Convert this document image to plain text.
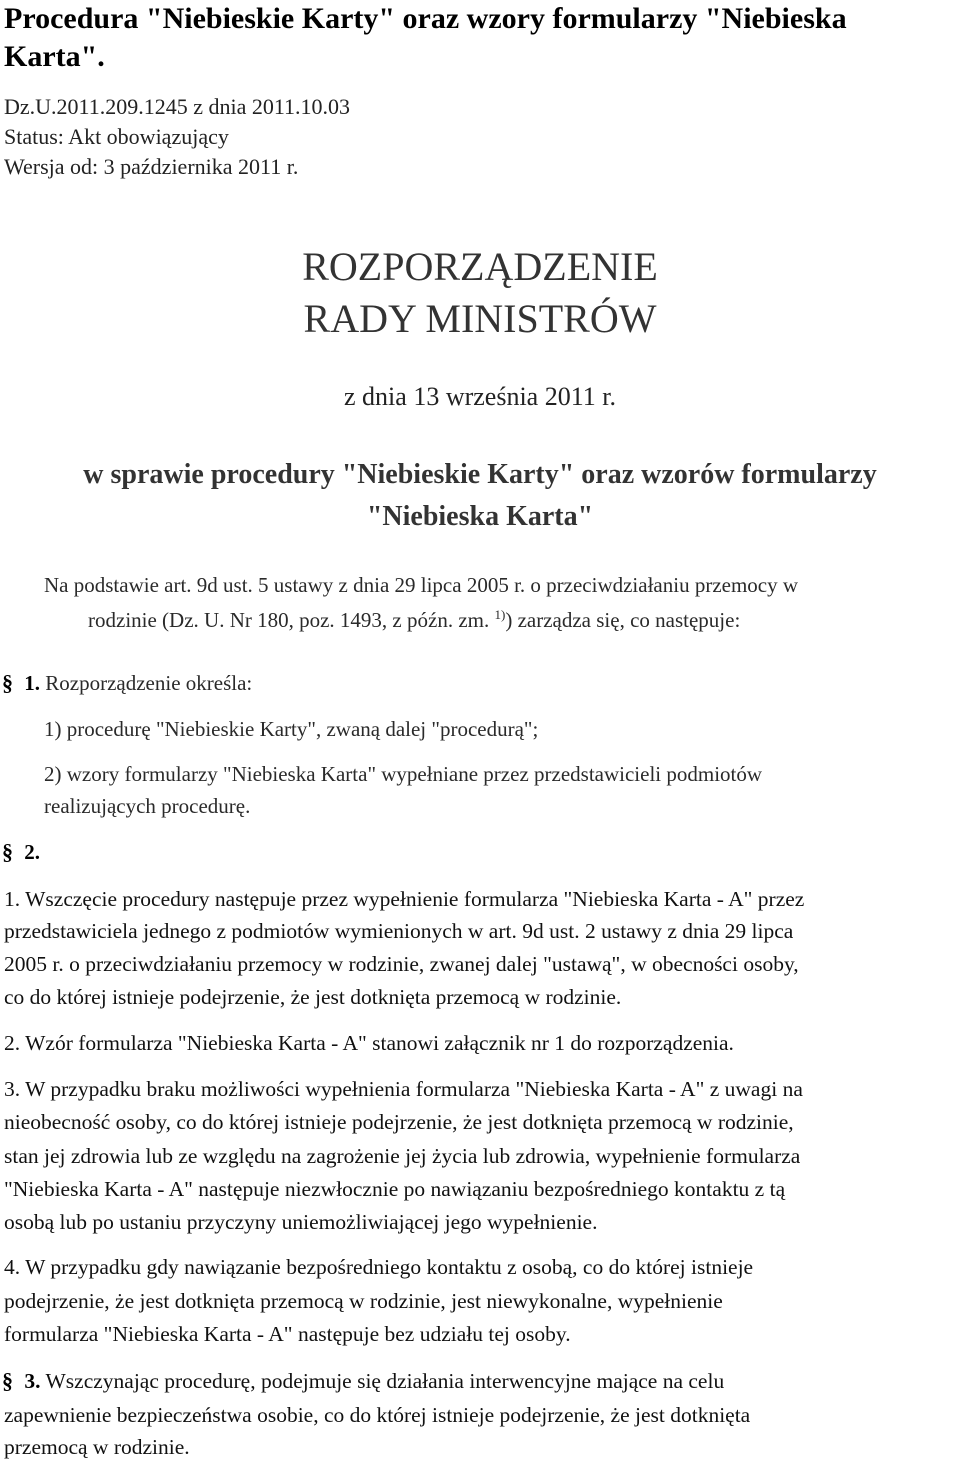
Procedura "Niebieskie Karty" oraz wzory formularzy "Niebieska Karta".
Dz.U.2011.209.1245 z dnia 2011.10.03
Status: Akt obowiązujący
Wersja od: 3 października 2011 r.
ROZPORZĄDZENIE
RADY MINISTRÓW
z dnia 13 września 2011 r.
w sprawie procedury "Niebieskie Karty" oraz wzorów formularzy
"Niebieska Karta"
Na podstawie art. 9d ust. 5 ustawy z dnia 29 lipca 2005 r. o przeciwdziałaniu przemocy w
rodzinie (Dz. U. Nr 180, poz. 1493, z późn. zm. $^{1)}$) zarządza się, co następuje:
§ 1. Rozporządzenie określa:
1) procedurę "Niebieskie Karty", zwaną dalej "procedurą";
2) wzory formularzy "Niebieska Karta" wypełniane przez przedstawicieli podmiotów
realizujących procedurę.
§ 2.
1. Wszczęcie procedury następuje przez wypełnienie formularza "Niebieska Karta - A" przez
przedstawiciela jednego z podmiotów wymienionych w art. 9d ust. 2 ustawy z dnia 29 lipca
2005 r. o przeciwdziałaniu przemocy w rodzinie, zwanej dalej "ustawą", w obecności osoby,
co do której istnieje podejrzenie, że jest dotknięta przemocą w rodzinie.
2. Wzór formularza "Niebieska Karta - A" stanowi załącznik nr 1 do rozporządzenia.
3. W przypadku braku możliwości wypełnienia formularza "Niebieska Karta - A" z uwagi na
nieobecność osoby, co do której istnieje podejrzenie, że jest dotknięta przemocą w rodzinie,
stan jej zdrowia lub ze względu na zagrożenie jej życia lub zdrowia, wypełnienie formularza
"Niebieska Karta - A" następuje niezwłocznie po nawiązaniu bezpośredniego kontaktu z tą
osobą lub po ustaniu przyczyny uniemożliwiającej jego wypełnienie.
4. W przypadku gdy nawiązanie bezpośredniego kontaktu z osobą, co do której istnieje
podejrzenie, że jest dotknięta przemocą w rodzinie, jest niewykonalne, wypełnienie
formularza "Niebieska Karta - A" następuje bez udziału tej osoby.
§ 3. Wszczynając procedurę, podejmuje się działania interwencyjne mające na celu
zapewnienie bezpieczeństwa osobie, co do której istnieje podejrzenie, że jest dotknięta
przemocą w rodzinie.
